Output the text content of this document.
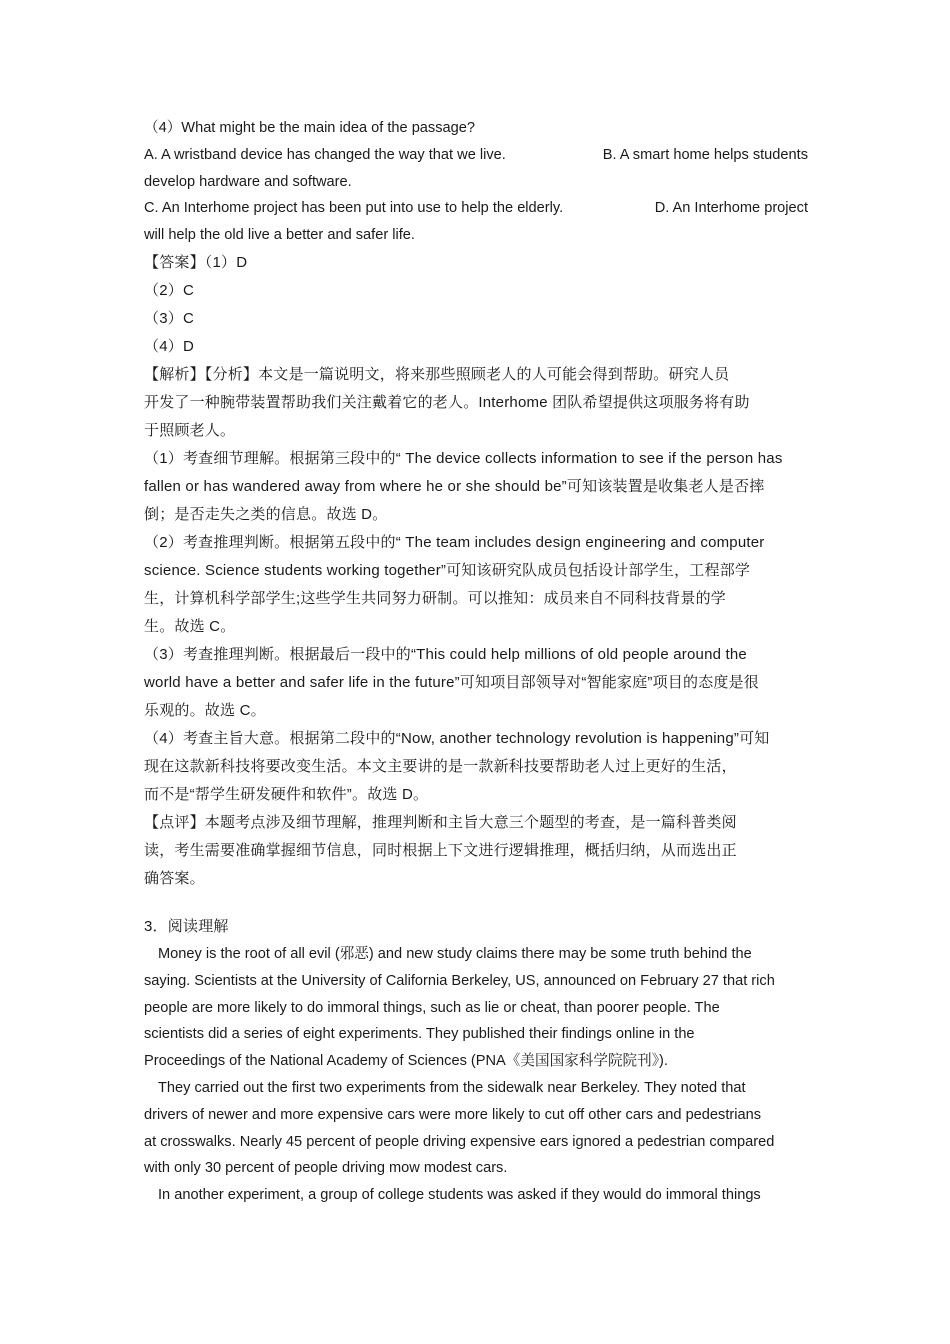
（4）What might be the main idea of the passage?

A. A wristband device has changed the way that we live.	B. A smart home helps students

develop hardware and software.

C. An Interhome project has been put into use to help the elderly.	D. An Interhome project

will help the old live a better and safer life.

【答案】（1）D

（2）C

（3）C

（4）D

【解析】【分析】本文是一篇说明文，将来那些照顾老人的人可能会得到帮助。研究人员

开发了一种腕带装置帮助我们关注戴着它的老人。Interhome 团队希望提供这项服务将有助

于照顾老人。

（1）考查细节理解。根据第三段中的“ The device collects information to see if the person has

fallen or has wandered away from where he or she should be”可知该装置是收集老人是否摔

倒；是否走失之类的信息。故选 D。

（2）考查推理判断。根据第五段中的“ The team includes design engineering and computer

science. Science students working together”可知该研究队成员包括设计部学生，工程部学

生，计算机科学部学生;这些学生共同努力研制。可以推知：成员来自不同科技背景的学

生。故选 C。

（3）考查推理判断。根据最后一段中的“This could help millions of old people around the

world have a better and safer life in the future”可知项目部领导对“智能家庭”项目的态度是很

乐观的。故选 C。

（4）考查主旨大意。根据第二段中的“Now, another technology revolution is happening”可知

现在这款新科技将要改变生活。本文主要讲的是一款新科技要帮助老人过上更好的生活，

而不是“帮学生研发硬件和软件”。故选 D。

【点评】本题考点涉及细节理解，推理判断和主旨大意三个题型的考查，是一篇科普类阅

读，考生需要准确掌握细节信息，同时根据上下文进行逻辑推理，概括归纳，从而选出正

确答案。

3．阅读理解

Money is the root of all evil (邪恶) and new study claims there may be some truth behind the

saying. Scientists at the University of California Berkeley, US, announced on February 27 that rich

people are more likely to do immoral things, such as lie or cheat, than poorer people. The

scientists did a series of eight experiments. They published their findings online in the

Proceedings of the National Academy of Sciences (PNA《美国国家科学院院刊》).

They carried out the first two experiments from the sidewalk near Berkeley. They noted that

drivers of newer and more expensive cars were more likely to cut off other cars and pedestrians

at crosswalks. Nearly 45 percent of people driving expensive ears ignored a pedestrian compared

with only 30 percent of people driving mow modest cars.

In another experiment, a group of college students was asked if they would do immoral things
